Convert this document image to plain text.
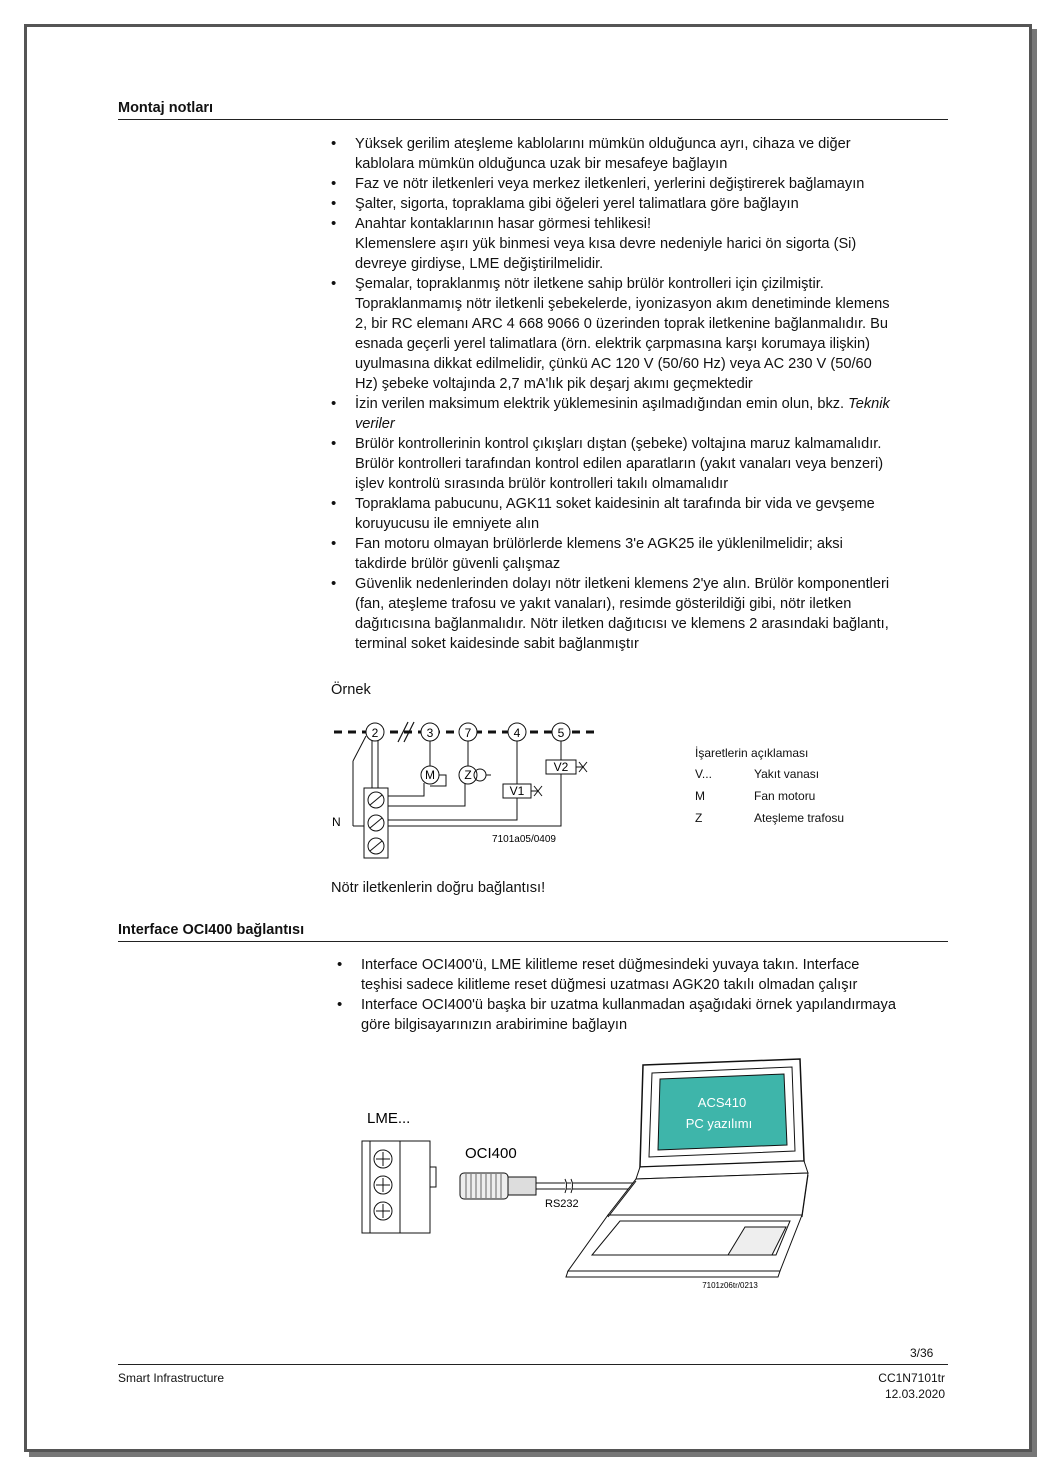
Montaj notları
• Yüksek gerilim ateşleme kablolarını mümkün olduğunca ayrı, cihaza ve diğer
kablolara mümkün olduğunca uzak bir mesafeye bağlayın
• Faz ve nötr iletkenleri veya merkez iletkenleri, yerlerini değiştirerek bağlamayın
• Şalter, sigorta, topraklama gibi öğeleri yerel talimatlara göre bağlayın
• Anahtar kontaklarının hasar görmesi tehlikesi!
Klemenslere aşırı yük binmesi veya kısa devre nedeniyle harici ön sigorta (Si)
devreye girdiyse, LME değiştirilmelidir.
• Şemalar, topraklanmış nötr iletkene sahip brülör kontrolleri için çizilmiştir.
Topraklanmamış nötr iletkenli şebekelerde, iyonizasyon akım denetiminde klemens
2, bir RC elemanı ARC 4 668 9066 0 üzerinden toprak iletkenine bağlanmalıdır. Bu
esnada geçerli yerel talimatlara (örn. elektrik çarpmasına karşı korumaya ilişkin)
uyulmasına dikkat edilmelidir, çünkü AC 120 V (50/60 Hz) veya AC 230 V (50/60
Hz) şebeke voltajında 2,7 mA'lık pik deşarj akımı geçmektedir
• İzin verilen maksimum elektrik yüklemesinin aşılmadığından emin olun, bkz. Teknik
veriler
• Brülör kontrollerinin kontrol çıkışları dıştan (şebeke) voltajına maruz kalmamalıdır.
Brülör kontrolleri tarafından kontrol edilen aparatların (yakıt vanaları veya benzeri)
işlev kontrolü sırasında brülör kontrolleri takılı olmamalıdır
• Topraklama pabucunu, AGK11 soket kaidesinin alt tarafında bir vida ve gevşeme
koruyucusu ile emniyete alın
• Fan motoru olmayan brülörlerde klemens 3'e AGK25 ile yüklenilmelidir; aksi
takdirde brülör güvenli çalışmaz
• Güvenlik nedenlerinden dolayı nötr iletkeni klemens 2'ye alın. Brülör komponentleri
(fan, ateşleme trafosu ve yakıt vanaları), resimde gösterildiği gibi, nötr iletken
dağıtıcısına bağlanmalıdır. Nötr iletken dağıtıcısı ve klemens 2 arasındaki bağlantı,
terminal soket kaidesinde sabit bağlanmıştır
Örnek
2	3	7	4	5
N
M Z
V1
V2
7101a05/0409
İşaretlerin açıklaması
V...	Yakıt vanası
M	Fan motoru
Z	Ateşleme trafosu
Nötr iletkenlerin doğru bağlantısı!
Interface OCI400 bağlantısı
• Interface OCI400'ü, LME kilitleme reset düğmesindeki yuvaya takın. Interface
teşhisi sadece kilitleme reset düğmesi uzatması AGK20 takılı olmadan çalışır
• Interface OCI400'ü başka bir uzatma kullanmadan aşağıdaki örnek yapılandırmaya
göre bilgisayarınızın arabirimine bağlayın
LME...
OCI400
RS232
ACS410
PC yazılımı
7101z06tr/0213
3/36
Smart Infrastructure	CC1N7101tr
12.03.2020
